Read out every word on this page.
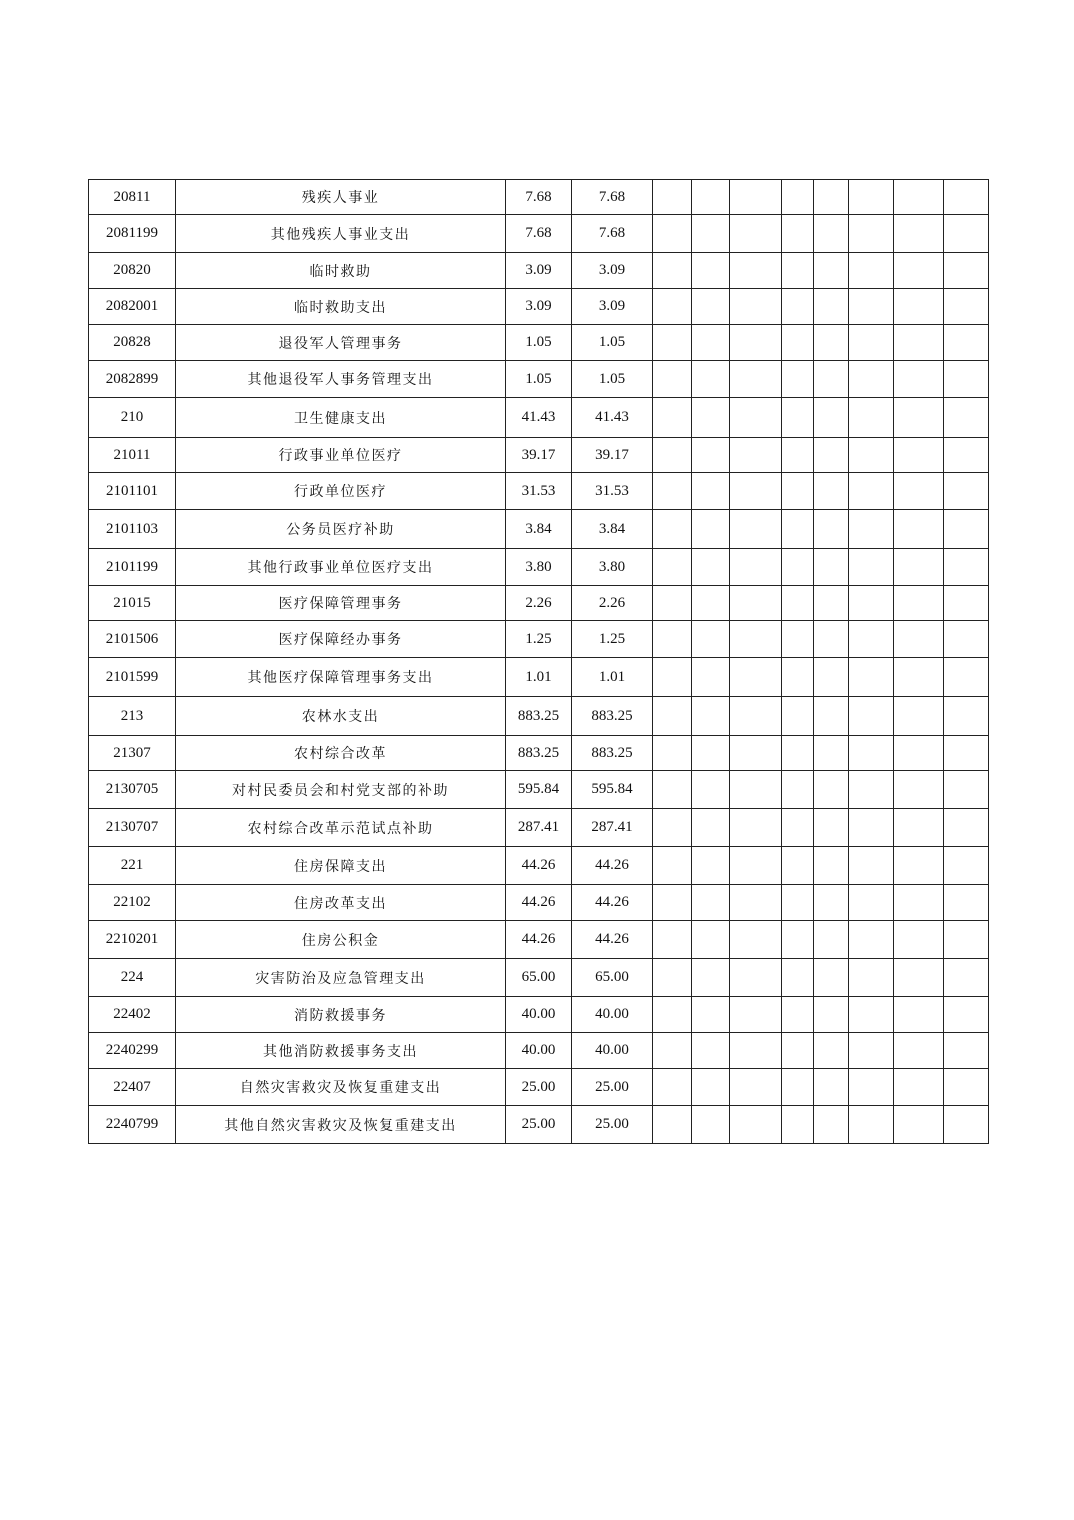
20811	残疾人事业	7.68	7.68								
2081199	其他残疾人事业支出	7.68	7.68								
20820	临时救助	3.09	3.09								
2082001	临时救助支出	3.09	3.09								
20828	退役军人管理事务	1.05	1.05								
2082899	其他退役军人事务管理支出	1.05	1.05								
210	卫生健康支出	41.43	41.43								
21011	行政事业单位医疗	39.17	39.17								
2101101	行政单位医疗	31.53	31.53								
2101103	公务员医疗补助	3.84	3.84								
2101199	其他行政事业单位医疗支出	3.80	3.80								
21015	医疗保障管理事务	2.26	2.26								
2101506	医疗保障经办事务	1.25	1.25								
2101599	其他医疗保障管理事务支出	1.01	1.01								
213	农林水支出	883.25	883.25								
21307	农村综合改革	883.25	883.25								
2130705	对村民委员会和村党支部的补助	595.84	595.84								
2130707	农村综合改革示范试点补助	287.41	287.41								
221	住房保障支出	44.26	44.26								
22102	住房改革支出	44.26	44.26								
2210201	住房公积金	44.26	44.26								
224	灾害防治及应急管理支出	65.00	65.00								
22402	消防救援事务	40.00	40.00								
2240299	其他消防救援事务支出	40.00	40.00								
22407	自然灾害救灾及恢复重建支出	25.00	25.00								
2240799	其他自然灾害救灾及恢复重建支出	25.00	25.00								
